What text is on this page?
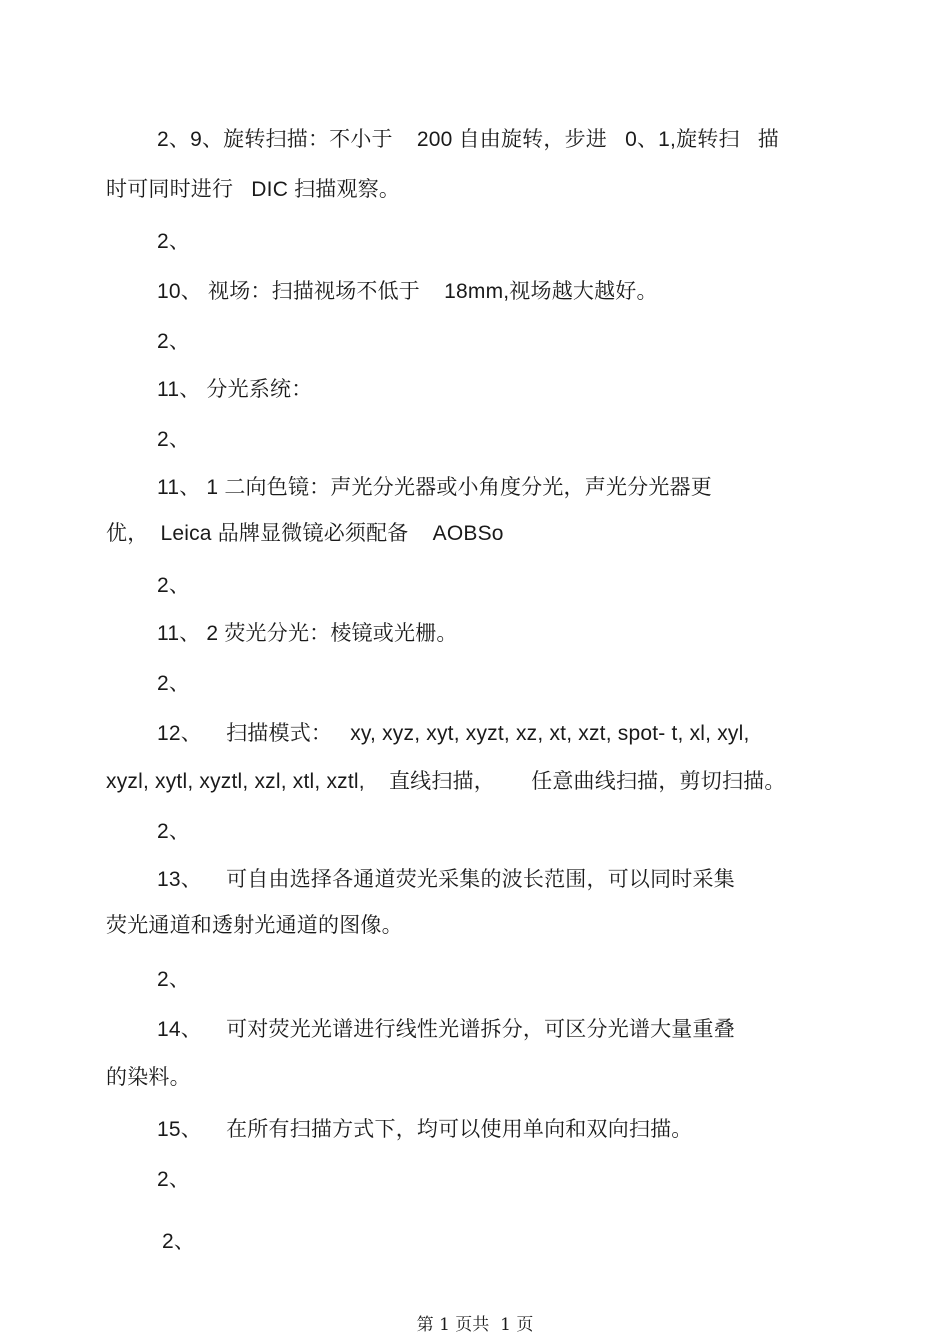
2、9、旋转扫描：不小于    200 自由旋转，步进   0、1,旋转扫   描
时可同时进行   DIC 扫描观察。
2、
10、 视场：扫描视场不低于    18mm,视场越大越好。
2、
11、 分光系统：
2、
11、 1 二向色镜：声光分光器或小角度分光，声光分光器更
优，  Leica 品牌显微镜必须配备    AOBSo
2、
11、 2 荧光分光：棱镜或光栅。
2、
12、    扫描模式：   xy, xyz, xyt, xyzt, xz, xt, xzt, spot- t, xl, xyl,
xyzl, xytl, xyztl, xzl, xtl, xztl,    直线扫描，      任意曲线扫描，剪切扫描。
2、
13、    可自由选择各通道荧光采集的波长范围，可以同时采集
荧光通道和透射光通道的图像。
2、
14、    可对荧光光谱进行线性光谱拆分，可区分光谱大量重叠
的染料。
15、    在所有扫描方式下，均可以使用单向和双向扫描。
2、
2、
第 1 页共  1 页
